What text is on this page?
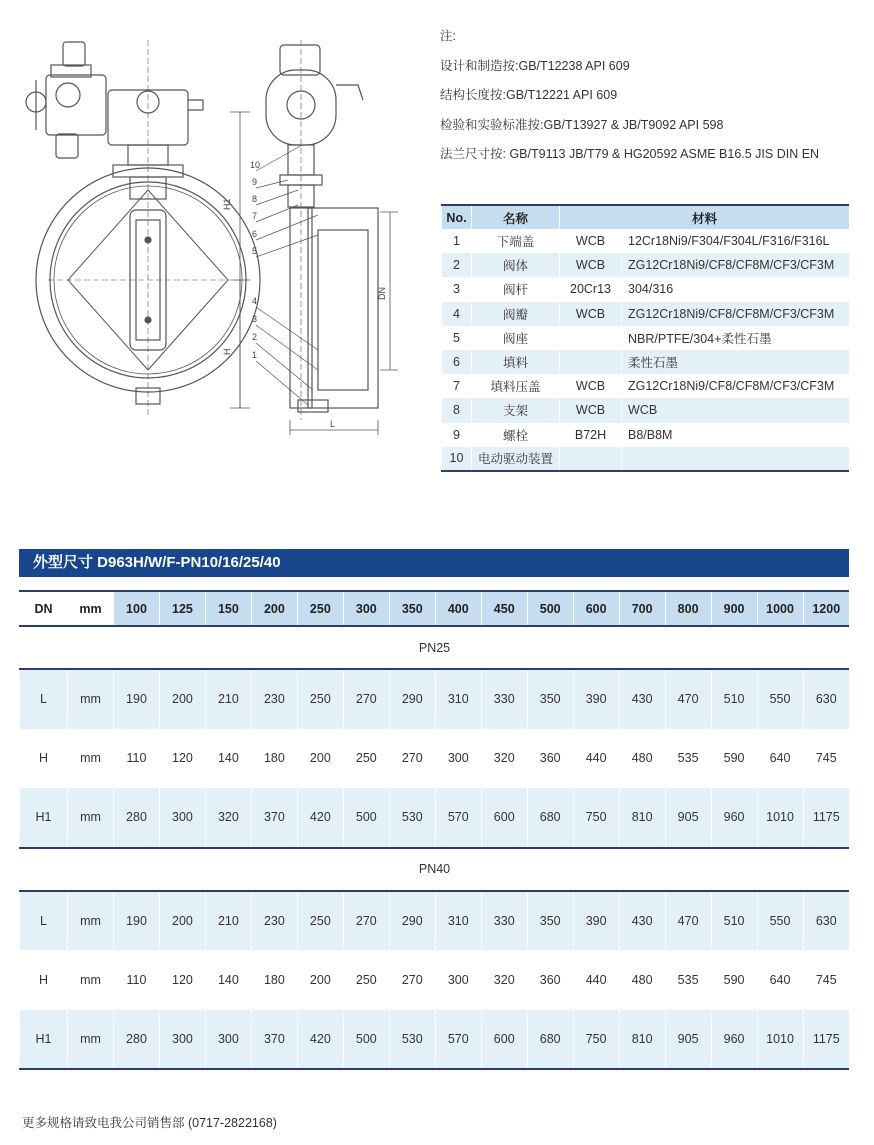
H1
H
DN
L
10
9
8
7
6
5
4
3
2
1
注:
设计和制造按:GB/T12238 API 609
结构长度按:GB/T12221 API 609
检验和实验标准按:GB/T13927 & JB/T9092 API 598
法兰尺寸按: GB/T9113 JB/T79 & HG20592 ASME B16.5 JIS DIN EN
No.	名称	材料	
1	下端盖	WCB	12Cr18Ni9/F304/F304L/F316/F316L
2	阀体	WCB	ZG12Cr18Ni9/CF8/CF8M/CF3/CF3M
3	阀杆	20Cr13	304/316
4	阀瓣	WCB	ZG12Cr18Ni9/CF8/CF8M/CF3/CF3M
5	阀座		NBR/PTFE/304+柔性石墨
6	填料		柔性石墨
7	填料压盖	WCB	ZG12Cr18Ni9/CF8/CF8M/CF3/CF3M
8	支架	WCB	WCB
9	螺栓	B72H	B8/B8M
10	电动驱动装置		
外型尺寸 D963H/W/F-PN10/16/25/40
DN	mm	100	125	150	200	250	300	350	400	450	500	600	700	800	900	1000	1200
PN25																	
L	mm	190	200	210	230	250	270	290	310	330	350	390	430	470	510	550	630
H	mm	110	120	140	180	200	250	270	300	320	360	440	480	535	590	640	745
H1	mm	280	300	320	370	420	500	530	570	600	680	750	810	905	960	1010	1175
PN40																	
L	mm	190	200	210	230	250	270	290	310	330	350	390	430	470	510	550	630
H	mm	110	120	140	180	200	250	270	300	320	360	440	480	535	590	640	745
H1	mm	280	300	300	370	420	500	530	570	600	680	750	810	905	960	1010	1175
更多规格请致电我公司销售部 (0717-2822168)
